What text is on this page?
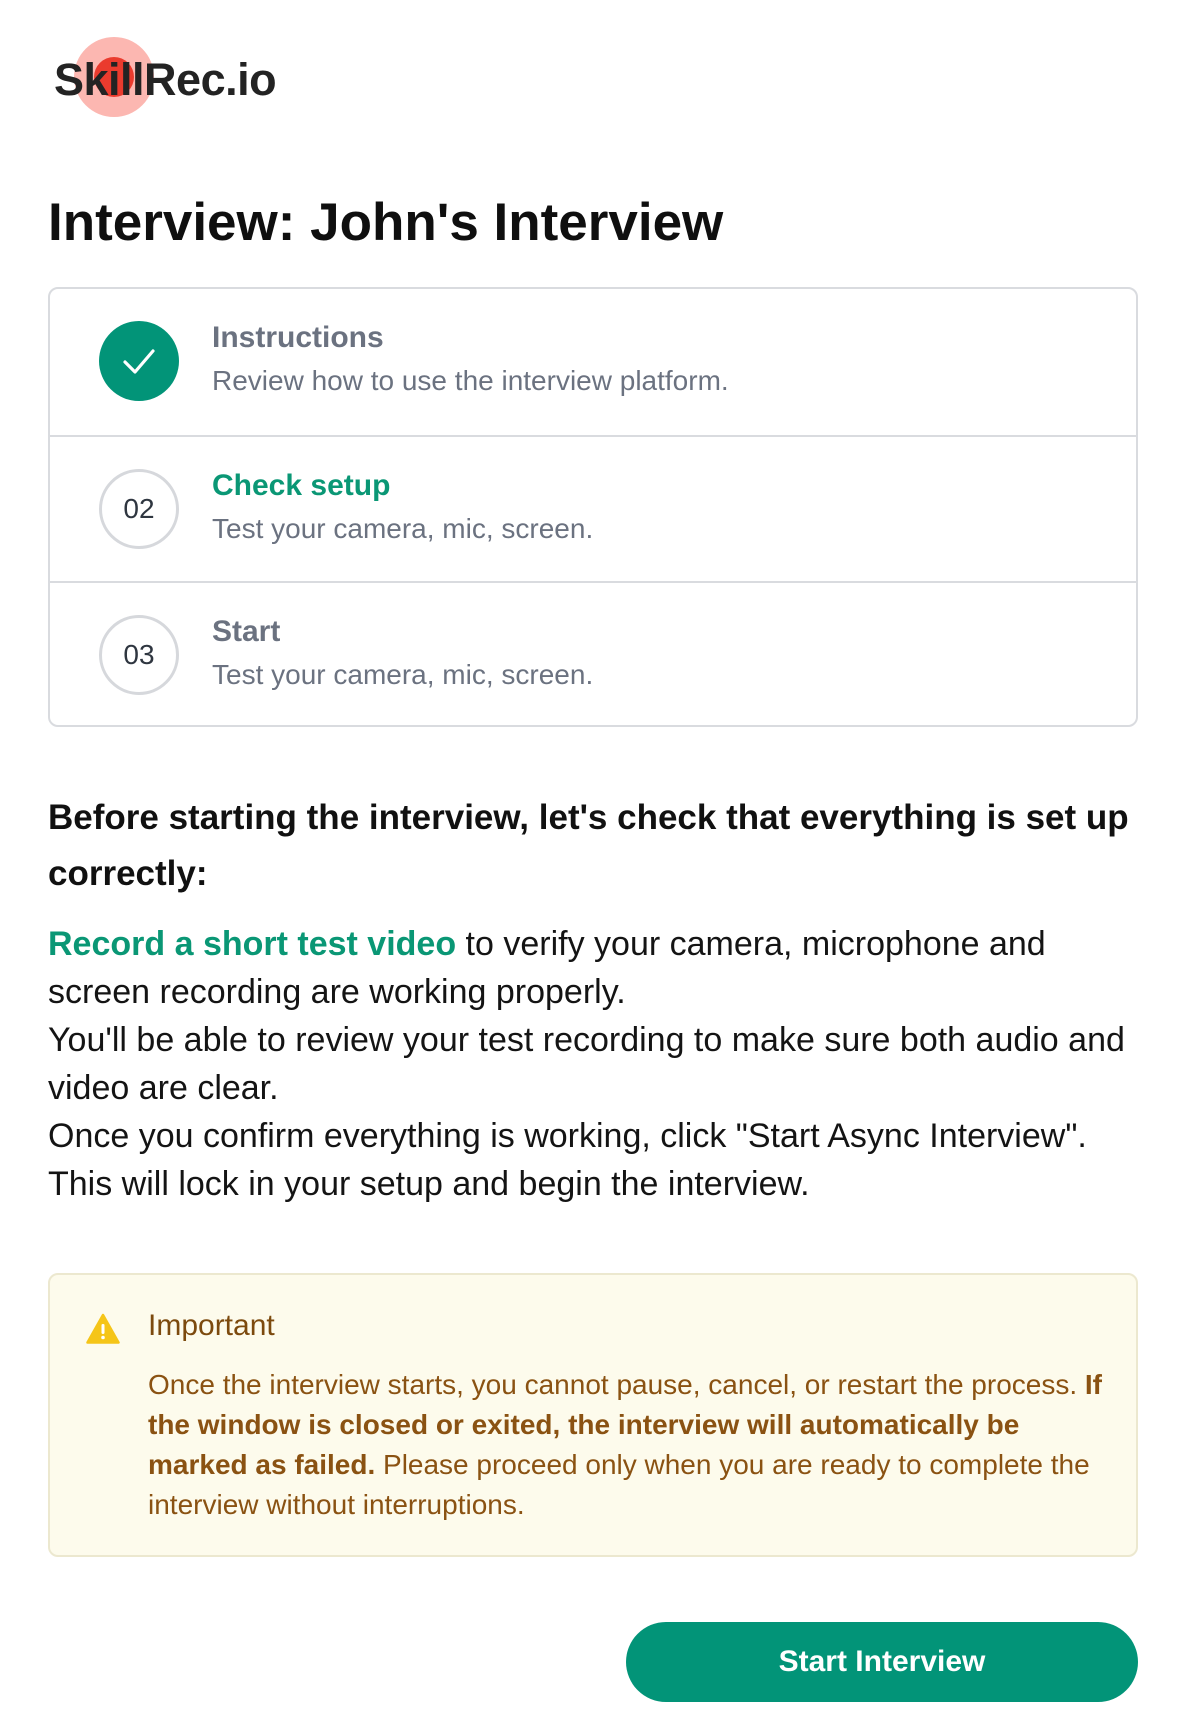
SkillRec.io
Interview: John's Interview
Instructions
Review how to use the interview platform.
02
Check setup
Test your camera, mic, screen.
03
Start
Test your camera, mic, screen.

Before starting the interview, let's check that everything is set up correctly:

Record a short test video to verify your camera, microphone and screen recording are working properly.

You'll be able to review your test recording to make sure both audio and video are clear.

Once you confirm everything is working, click "Start Async Interview". This will lock in your setup and begin the interview.

Important

Once the interview starts, you cannot pause, cancel, or restart the process. If the window is closed or exited, the interview will automatically be marked as failed. Please proceed only when you are ready to complete the interview without interruptions.

Start Interview
